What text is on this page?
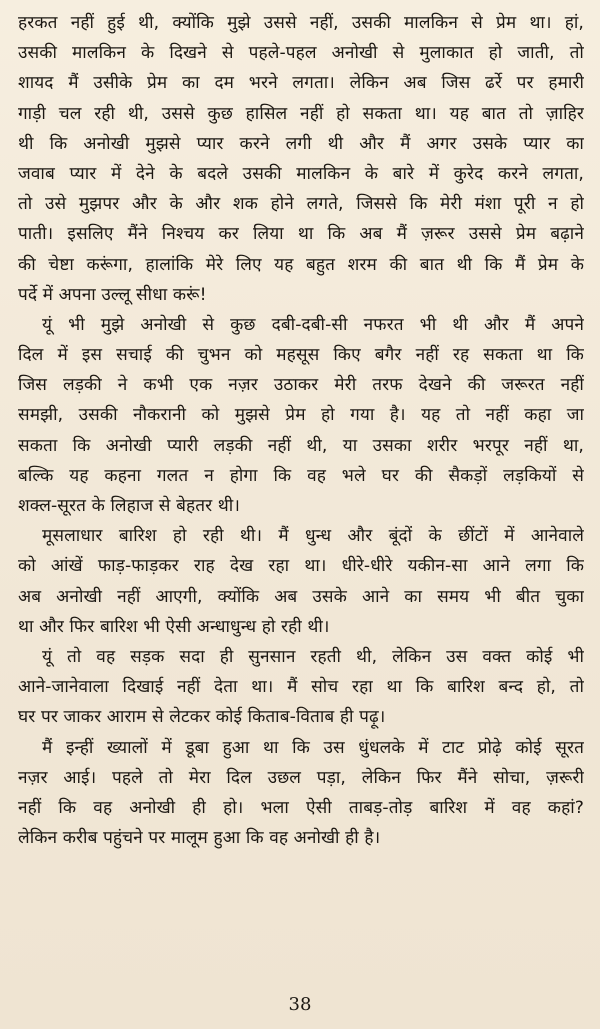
हरकत नहीं हुई थी, क्योंकि मुझे उससे नहीं, उसकी मालकिन से प्रेम था। हां,
उसकी मालकिन के दिखने से पहले-पहल अनोखी से मुलाकात हो जाती, तो
शायद मैं उसीके प्रेम का दम भरने लगता। लेकिन अब जिस ढर्रे पर हमारी
गाड़ी चल रही थी, उससे कुछ हासिल नहीं हो सकता था। यह बात तो ज़ाहिर
थी कि अनोखी मुझसे प्यार करने लगी थी और मैं अगर उसके प्यार का
जवाब प्यार में देने के बदले उसकी मालकिन के बारे में कुरेद करने लगता,
तो उसे मुझपर और के और शक होने लगते, जिससे कि मेरी मंशा पूरी न हो
पाती। इसलिए मैंने निश्चय कर लिया था कि अब मैं ज़रूर उससे प्रेम बढ़ाने
की चेष्टा करूंगा, हालांकि मेरे लिए यह बहुत शरम की बात थी कि मैं प्रेम के
पर्दे में अपना उल्लू सीधा करूं!
यूं भी मुझे अनोखी से कुछ दबी-दबी-सी नफरत भी थी और मैं अपने
दिल में इस सचाई की चुभन को महसूस किए बगैर नहीं रह सकता था कि
जिस लड़की ने कभी एक नज़र उठाकर मेरी तरफ देखने की जरूरत नहीं
समझी, उसकी नौकरानी को मुझसे प्रेम हो गया है। यह तो नहीं कहा जा
सकता कि अनोखी प्यारी लड़की नहीं थी, या उसका शरीर भरपूर नहीं था,
बल्कि यह कहना गलत न होगा कि वह भले घर की सैकड़ों लड़कियों से
शक्ल-सूरत के लिहाज से बेहतर थी।
मूसलाधार बारिश हो रही थी। मैं धुन्ध और बूंदों के छींटों में आनेवाले
को आंखें फाड़-फाड़कर राह देख रहा था। धीरे-धीरे यकीन-सा आने लगा कि
अब अनोखी नहीं आएगी, क्योंकि अब उसके आने का समय भी बीत चुका
था और फिर बारिश भी ऐसी अन्धाधुन्ध हो रही थी।
यूं तो वह सड़क सदा ही सुनसान रहती थी, लेकिन उस वक्त कोई भी
आने-जानेवाला दिखाई नहीं देता था। मैं सोच रहा था कि बारिश बन्द हो, तो
घर पर जाकर आराम से लेटकर कोई किताब-विताब ही पढ़ू।
मैं इन्हीं ख्यालों में डूबा हुआ था कि उस धुंधलके में टाट प्रोढ़े कोई सूरत
नज़र आई। पहले तो मेरा दिल उछल पड़ा, लेकिन फिर मैंने सोचा, ज़रूरी
नहीं कि वह अनोखी ही हो। भला ऐसी ताबड़-तोड़ बारिश में वह कहां?
लेकिन करीब पहुंचने पर मालूम हुआ कि वह अनोखी ही है।
38
